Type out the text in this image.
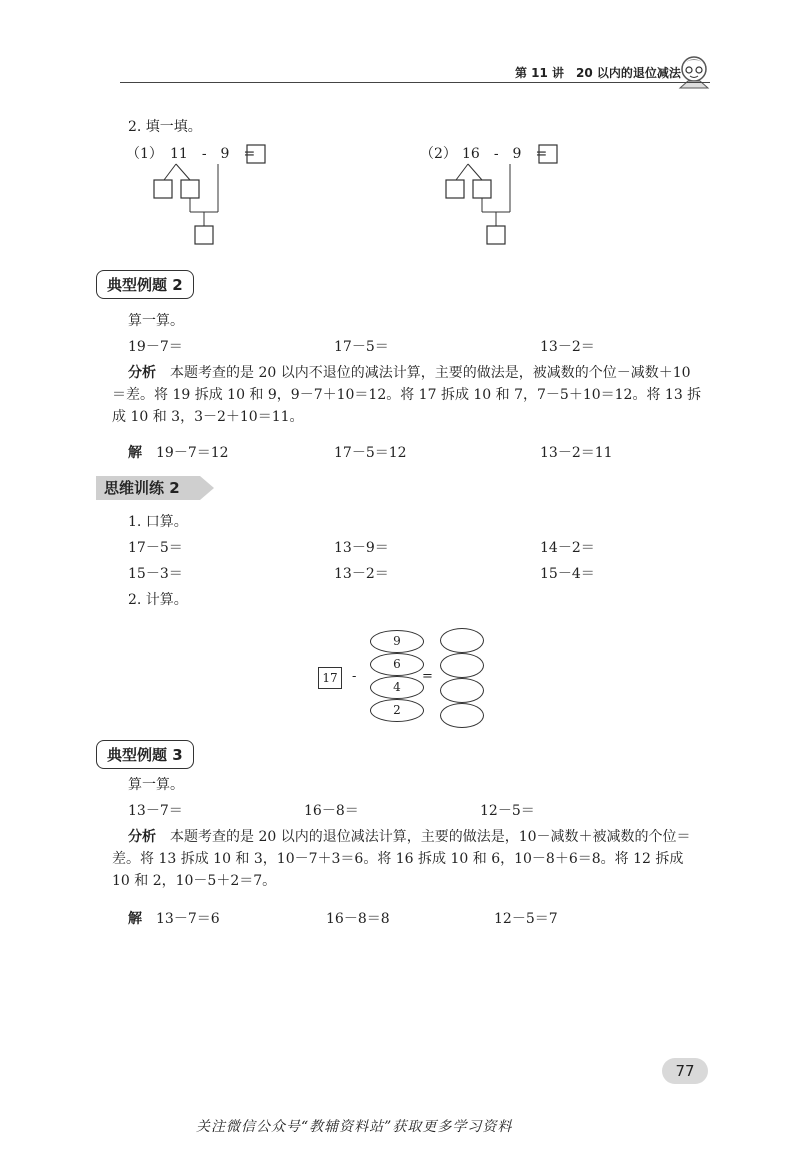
第 11 讲　20 以内的退位减法
2. 填一填。
（1） 11　-　9　=	（2） 16　-　9　=
典型例题 2
算一算。
19－7＝	17－5＝	13－2＝
分析　 本题考查的是 20 以内不退位的减法计算，主要的做法是，被减数的个位－减数＋10＝差。将 19 拆成 10 和 9，9－7＋10＝12。将 17 拆成 10 和 7，7－5＋10＝12。将 13 拆成 10 和 3，3－2＋10＝11。
解 19－7＝12	17－5＝12	13－2＝11
思维训练 2
1. 口算。
17－5＝	13－9＝	14－2＝
15－3＝	13－2＝	15－4＝
2. 计算。
17	-	=
9
6
4
2
典型例题 3
算一算。
13－7＝	16－8＝	12－5＝
分析　 本题考查的是 20 以内的退位减法计算，主要的做法是，10－减数＋被减数的个位＝差。将 13 拆成 10 和 3，10－7＋3＝6。将 16 拆成 10 和 6，10－8＋6＝8。将 12 拆成 10 和 2，10－5＋2＝7。
解 13－7＝6	16－8＝8	12－5＝7
77
关注微信公众号“教辅资料站”获取更多学习资料
